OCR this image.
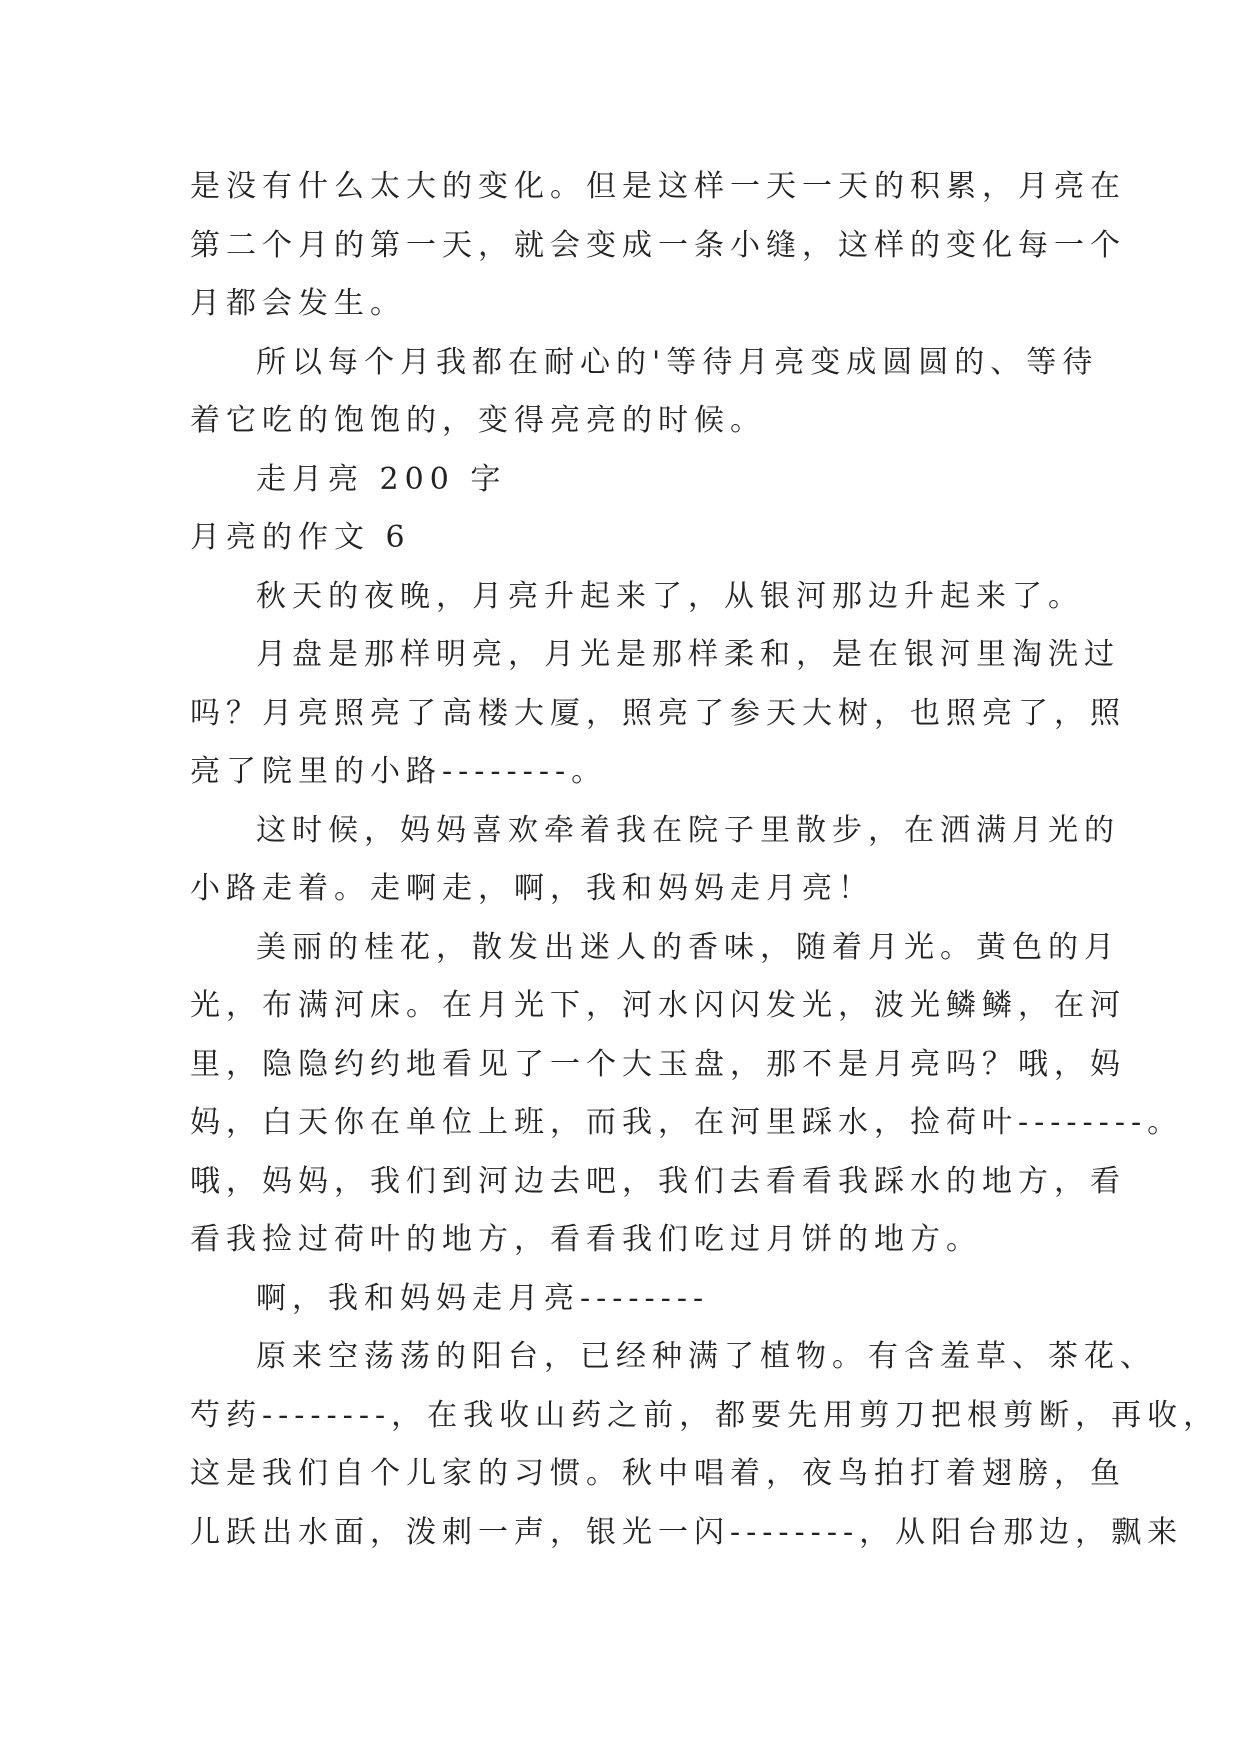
是没有什么太大的变化。但是这样一天一天的积累，月亮在
第二个月的第一天，就会变成一条小缝，这样的变化每一个
月都会发生。
所以每个月我都在耐心的'等待月亮变成圆圆的、等待
着它吃的饱饱的，变得亮亮的时候。
走月亮 200 字
月亮的作文 6
秋天的夜晚，月亮升起来了，从银河那边升起来了。
月盘是那样明亮，月光是那样柔和，是在银河里淘洗过
吗？月亮照亮了高楼大厦，照亮了参天大树，也照亮了，照
亮了院里的小路--------。
这时候，妈妈喜欢牵着我在院子里散步，在洒满月光的
小路走着。走啊走，啊，我和妈妈走月亮！
美丽的桂花，散发出迷人的香味，随着月光。黄色的月
光，布满河床。在月光下，河水闪闪发光，波光鳞鳞，在河
里，隐隐约约地看见了一个大玉盘，那不是月亮吗？哦，妈
妈，白天你在单位上班，而我，在河里踩水，捡荷叶--------。
哦，妈妈，我们到河边去吧，我们去看看我踩水的地方，看
看我捡过荷叶的地方，看看我们吃过月饼的地方。
啊，我和妈妈走月亮--------
原来空荡荡的阳台，已经种满了植物。有含羞草、茶花、
芍药--------，在我收山药之前，都要先用剪刀把根剪断，再收，
这是我们自个儿家的习惯。秋中唱着，夜鸟拍打着翅膀，鱼
儿跃出水面，泼刺一声，银光一闪--------，从阳台那边，飘来
